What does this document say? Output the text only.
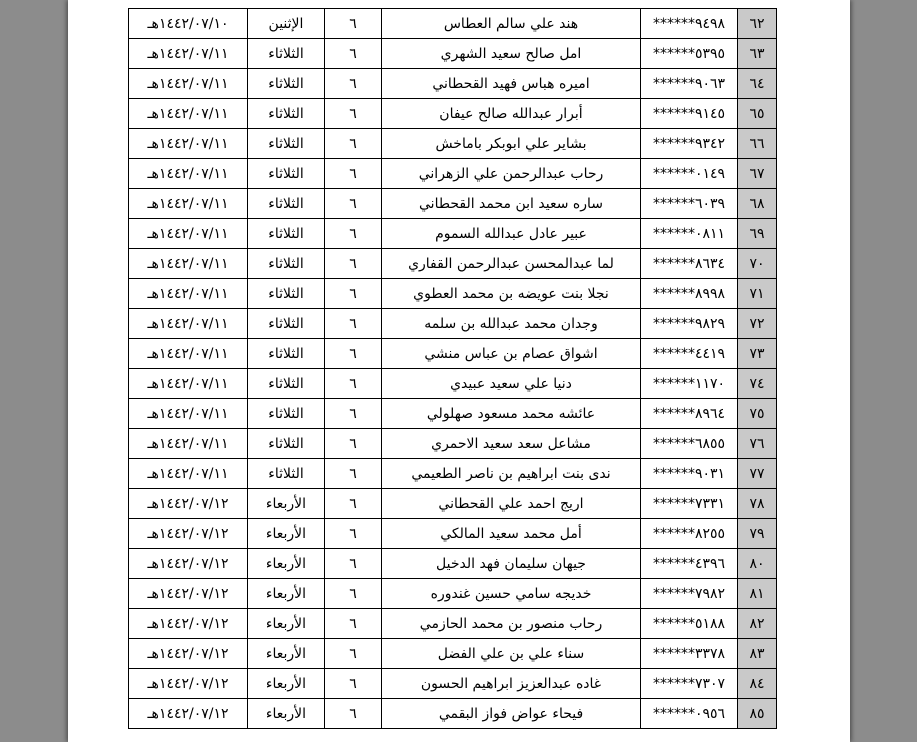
٦٢	******٩٤٩٨	هند علي سالم العطاس	٦	الإثنين	١٤٤٢/٠٧/١٠هـ
٦٣	******٥٣٩٥	امل صالح سعيد الشهري	٦	الثلاثاء	١٤٤٢/٠٧/١١هـ
٦٤	******٩٠٦٣	اميره هباس فهيد القحطاني	٦	الثلاثاء	١٤٤٢/٠٧/١١هـ
٦٥	******٩١٤٥	أبرار عبدالله صالح عيفان	٦	الثلاثاء	١٤٤٢/٠٧/١١هـ
٦٦	******٩٣٤٢	بشاير علي ابوبكر باماخش	٦	الثلاثاء	١٤٤٢/٠٧/١١هـ
٦٧	******٠١٤٩	رحاب عبدالرحمن علي الزهراني	٦	الثلاثاء	١٤٤٢/٠٧/١١هـ
٦٨	******٦٠٣٩	ساره سعيد ابن محمد القحطاني	٦	الثلاثاء	١٤٤٢/٠٧/١١هـ
٦٩	******٠٨١١	عبير عادل عبدالله السموم	٦	الثلاثاء	١٤٤٢/٠٧/١١هـ
٧٠	******٨٦٣٤	لما عبدالمحسن عبدالرحمن القفاري	٦	الثلاثاء	١٤٤٢/٠٧/١١هـ
٧١	******٨٩٩٨	نجلا بنت عويضه بن محمد العطوي	٦	الثلاثاء	١٤٤٢/٠٧/١١هـ
٧٢	******٩٨٢٩	وجدان محمد عبدالله بن سلمه	٦	الثلاثاء	١٤٤٢/٠٧/١١هـ
٧٣	******٤٤١٩	اشواق عصام بن عباس منشي	٦	الثلاثاء	١٤٤٢/٠٧/١١هـ
٧٤	******١١٧٠	دنيا علي سعيد عبيدي	٦	الثلاثاء	١٤٤٢/٠٧/١١هـ
٧٥	******٨٩٦٤	عائشه محمد مسعود صهلولي	٦	الثلاثاء	١٤٤٢/٠٧/١١هـ
٧٦	******٦٨٥٥	مشاعل سعد سعيد الاحمري	٦	الثلاثاء	١٤٤٢/٠٧/١١هـ
٧٧	******٩٠٣١	ندى بنت ابراهيم بن ناصر الطعيمي	٦	الثلاثاء	١٤٤٢/٠٧/١١هـ
٧٨	******٧٣٣١	اريج احمد علي القحطاني	٦	الأربعاء	١٤٤٢/٠٧/١٢هـ
٧٩	******٨٢٥٥	أمل محمد سعيد المالكي	٦	الأربعاء	١٤٤٢/٠٧/١٢هـ
٨٠	******٤٣٩٦	جيهان سليمان فهد الدخيل	٦	الأربعاء	١٤٤٢/٠٧/١٢هـ
٨١	******٧٩٨٢	خديجه سامي حسين غندوره	٦	الأربعاء	١٤٤٢/٠٧/١٢هـ
٨٢	******٥١٨٨	رحاب منصور بن محمد الحازمي	٦	الأربعاء	١٤٤٢/٠٧/١٢هـ
٨٣	******٣٣٧٨	سناء علي بن علي الفضل	٦	الأربعاء	١٤٤٢/٠٧/١٢هـ
٨٤	******٧٣٠٧	غاده عبدالعزيز ابراهيم الحسون	٦	الأربعاء	١٤٤٢/٠٧/١٢هـ
٨٥	******٠٩٥٦	فيحاء عواض فواز البقمي	٦	الأربعاء	١٤٤٢/٠٧/١٢هـ
